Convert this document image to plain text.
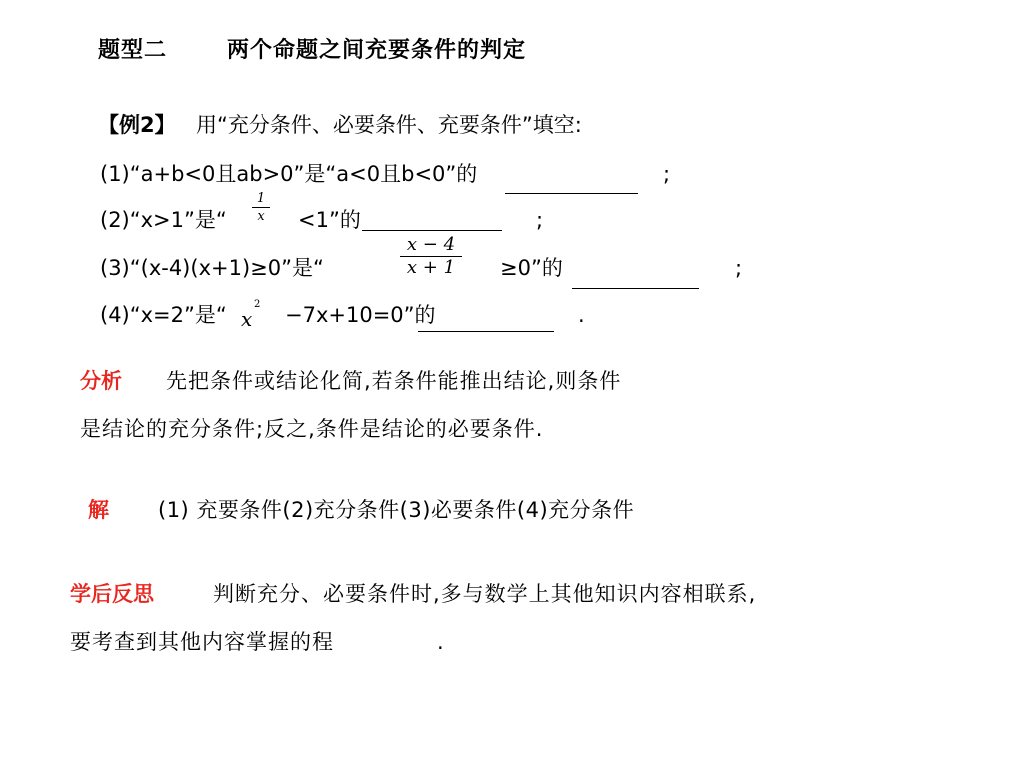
题型二	两个命题之间充要条件的判定
【例2】 用“充分条件、必要条件、充要条件”填空:
(1)“a+b<0且ab>0”是“a<0且b<0”的	;
(2)“x>1”是“
1
x <1”的	;
(3)“(x-4)(x+1)≥0”是“
x − 4
x + 1	≥0”的	;
(4)“x=2”是“ x
2 −7x+10=0”的	.
分析 先把条件或结论化简,若条件能推出结论,则条件
是结论的充分条件;反之,条件是结论的必要条件.
解 (1) 充要条件(2)充分条件(3)必要条件(4)充分条件
学后反思	判断充分、必要条件时,多与数学上其他知识内容相联系,
要考查到其他内容掌握的程	.
